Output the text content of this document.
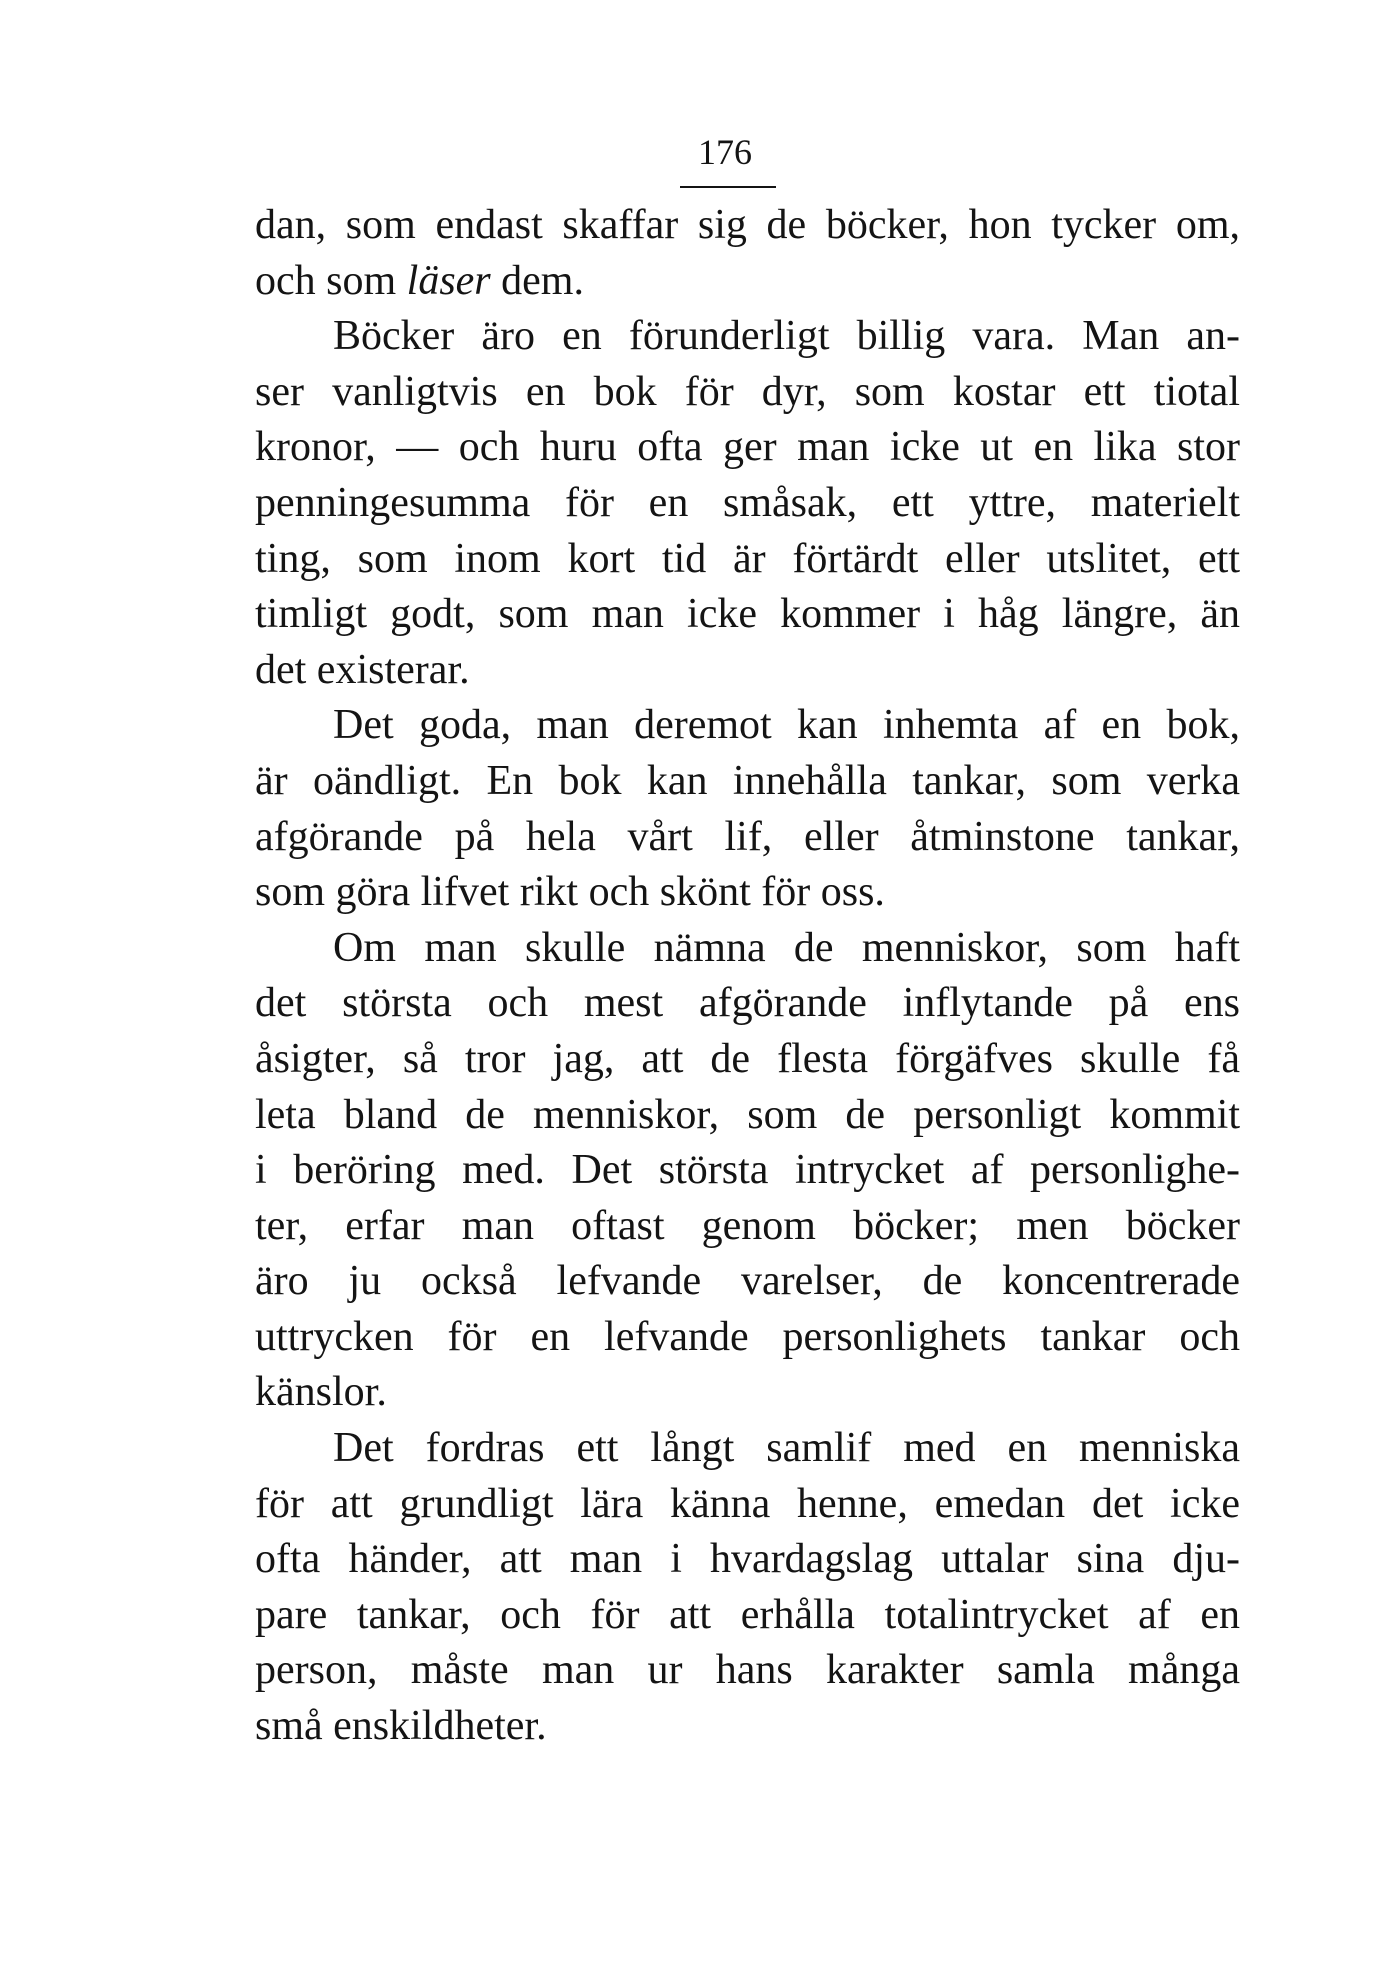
176

dan, som endast skaffar sig de böcker, hon tycker om,
och som läser dem.
Böcker äro en förunderligt billig vara. Man an-
ser vanligtvis en bok för dyr, som kostar ett tiotal
kronor, — och huru ofta ger man icke ut en lika stor
penningesumma för en småsak, ett yttre, materielt
ting, som inom kort tid är förtärdt eller utslitet, ett
timligt godt, som man icke kommer i håg längre, än
det existerar.
Det goda, man deremot kan inhemta af en bok,
är oändligt. En bok kan innehålla tankar, som verka
afgörande på hela vårt lif, eller åtminstone tankar,
som göra lifvet rikt och skönt för oss.
Om man skulle nämna de menniskor, som haft
det största och mest afgörande inflytande på ens
åsigter, så tror jag, att de flesta förgäfves skulle få
leta bland de menniskor, som de personligt kommit
i beröring med. Det största intrycket af personlighe-
ter, erfar man oftast genom böcker; men böcker
äro ju också lefvande varelser, de koncentrerade
uttrycken för en lefvande personlighets tankar och
känslor.
Det fordras ett långt samlif med en menniska
för att grundligt lära känna henne, emedan det icke
ofta händer, att man i hvardagslag uttalar sina dju-
pare tankar, och för att erhålla totalintrycket af en
person, måste man ur hans karakter samla många
små enskildheter.
